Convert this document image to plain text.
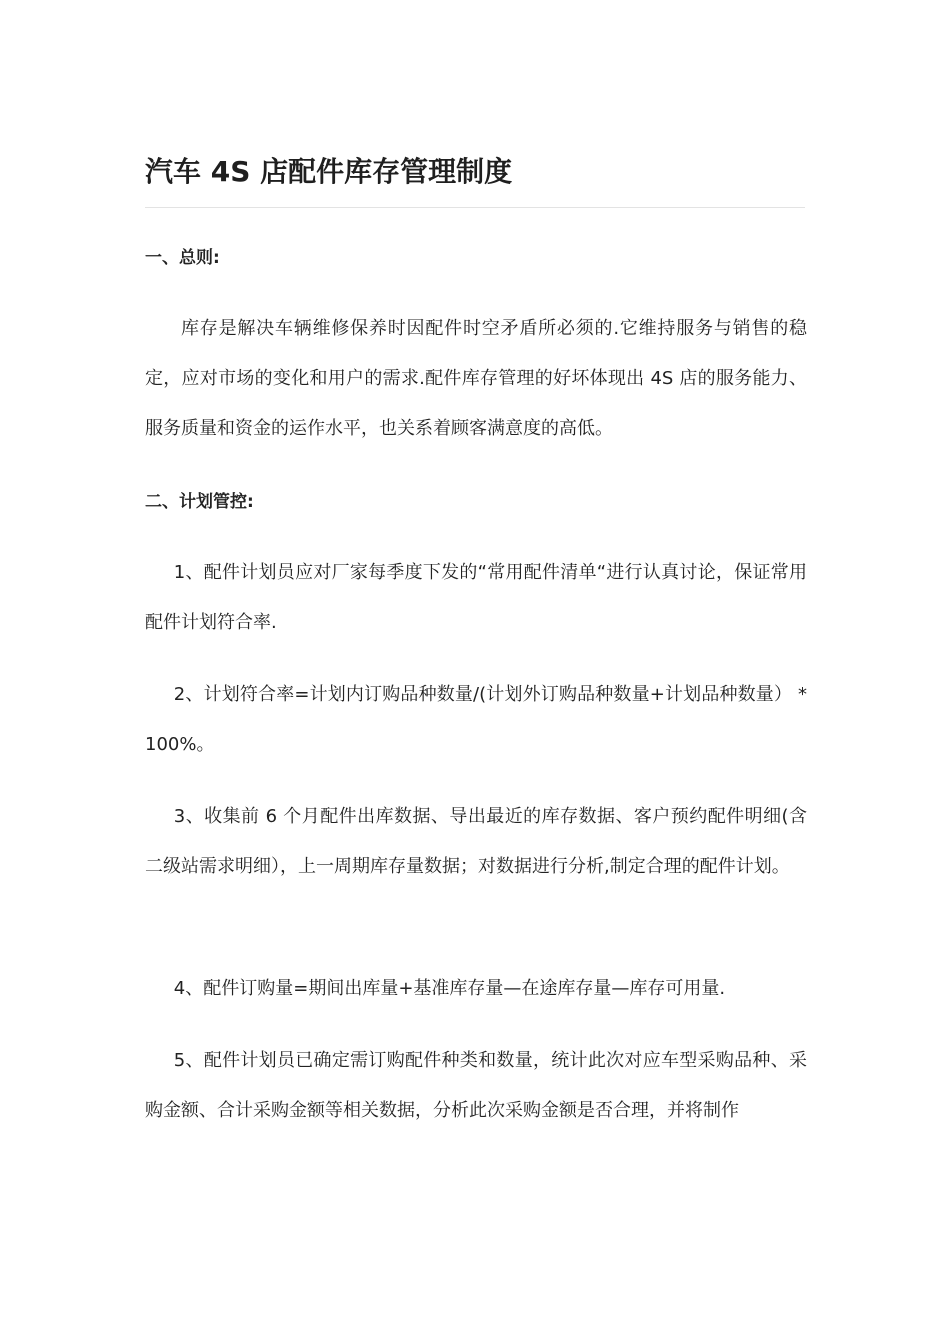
汽车 4S 店配件库存管理制度
一、总则:

库存是解决车辆维修保养时因配件时空矛盾所必须的.它维持服务与销售的稳定，应对市场的变化和用户的需求.配件库存管理的好坏体现出 4S 店的服务能力、服务质量和资金的运作水平，也关系着顾客满意度的高低。

二、计划管控:

1、配件计划员应对厂家每季度下发的“常用配件清单“进行认真讨论，保证常用配件计划符合率.

2、计划符合率=计划内订购品种数量/(计划外订购品种数量+计划品种数量） * 100%。

3、收集前 6 个月配件出库数据、导出最近的库存数据、客户预约配件明细(含二级站需求明细），上一周期库存量数据；对数据进行分析,制定合理的配件计划。

4、配件订购量=期间出库量+基准库存量—在途库存量—库存可用量.

5、配件计划员已确定需订购配件种类和数量，统计此次对应车型采购品种、采购金额、合计采购金额等相关数据，分析此次采购金额是否合理，并将制作
